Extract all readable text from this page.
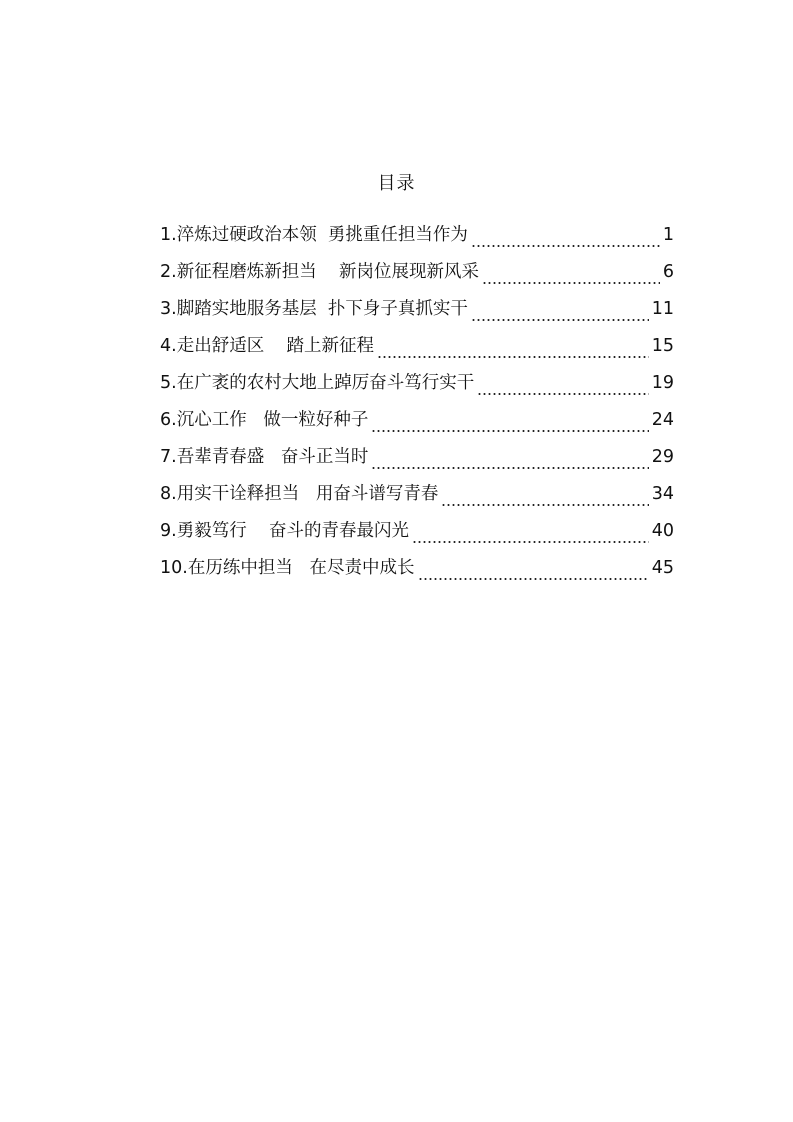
目录
1. 淬炼过硬政治本领  勇挑重任担当作为	1
2. 新征程磨炼新担当    新岗位展现新风采	6
3. 脚踏实地服务基层  扑下身子真抓实干	11
4. 走出舒适区    踏上新征程	15
5. 在广袤的农村大地上踔厉奋斗笃行实干	19
6. 沉心工作   做一粒好种子	24
7. 吾辈青春盛   奋斗正当时	29
8. 用实干诠释担当   用奋斗谱写青春	34
9. 勇毅笃行    奋斗的青春最闪光	40
10. 在历练中担当   在尽责中成长	45
